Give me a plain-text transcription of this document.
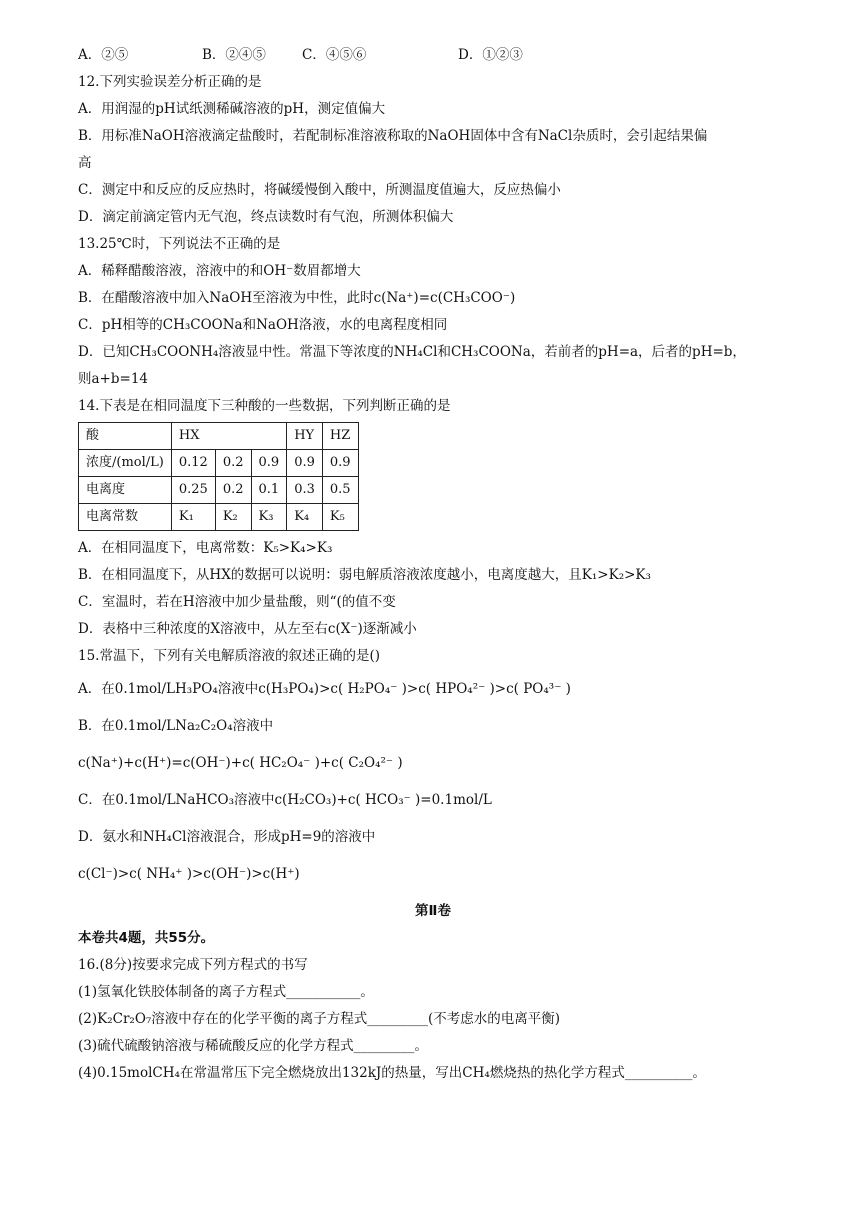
A．②⑤	B．②④⑤	C．④⑤⑥	D．①②③
12.下列实验误差分析正确的是
A．用润湿的pH试纸测稀碱溶液的pH，测定值偏大
B．用标准NaOH溶液滴定盐酸时，若配制标准溶液称取的NaOH固体中含有NaCl杂质时，会引起结果偏
高
C．测定中和反应的反应热时，将碱缓慢倒入酸中，所测温度值遍大，反应热偏小
D．滴定前滴定管内无气泡，终点读数时有气泡，所测体积偏大
13.25℃时，下列说法不正确的是
A．稀释醋酸溶液，溶液中的和OH⁻数眉都增大
B．在醋酸溶液中加入NaOH至溶液为中性，此时c(Na⁺)=c(CH₃COO⁻)
C．pH相等的CH₃COONa和NaOH洛液，水的电离程度相同
D．已知CH₃COONH₄溶液显中性。常温下等浓度的NH₄Cl和CH₃COONa，若前者的pH=a，后者的pH=b，
则a+b=14
14.下表是在相同温度下三种酸的一些数据，下列判断正确的是
酸	HX			HY	HZ
浓度/(mol/L)	0.12	0.2	0.9	0.9	0.9
电离度	0.25	0.2	0.1	0.3	0.5
电离常数	K₁	K₂	K₃	K₄	K₅
A．在相同温度下，电离常数：K₅>K₄>K₃
B．在相同温度下，从HX的数据可以说明：弱电解质溶液浓度越小，电离度越大，且K₁>K₂>K₃
C．室温时，若在H溶液中加少量盐酸，则“(的值不变
D．表格中三种浓度的X溶液中，从左至右c(X⁻)逐渐减小
15.常温下，下列有关电解质溶液的叙述正确的是()
A．在0.1mol/LH₃PO₄溶液中c(H₃PO₄)>c( H₂PO₄⁻ )>c( HPO₄²⁻ )>c( PO₄³⁻ )
B．在0.1mol/LNa₂C₂O₄溶液中
c(Na⁺)+c(H⁺)=c(OH⁻)+c( HC₂O₄⁻ )+c( C₂O₄²⁻ )
C．在0.1mol/LNaHCO₃溶液中c(H₂CO₃)+c( HCO₃⁻ )=0.1mol/L
D．氨水和NH₄Cl溶液混合，形成pH=9的溶液中
c(Cl⁻)>c( NH₄⁺ )>c(OH⁻)>c(H⁺)
第Ⅱ卷
本卷共4题，共55分。
16.(8分)按要求完成下列方程式的书写
(1)氢氧化铁胶体制备的离子方程式___________。
(2)K₂Cr₂O₇溶液中存在的化学平衡的离子方程式_________(不考虑水的电离平衡)
(3)硫代硫酸钠溶液与稀硫酸反应的化学方程式_________。
(4)0.15molCH₄在常温常压下完全燃烧放出132kJ的热量，写出CH₄燃烧热的热化学方程式__________。
